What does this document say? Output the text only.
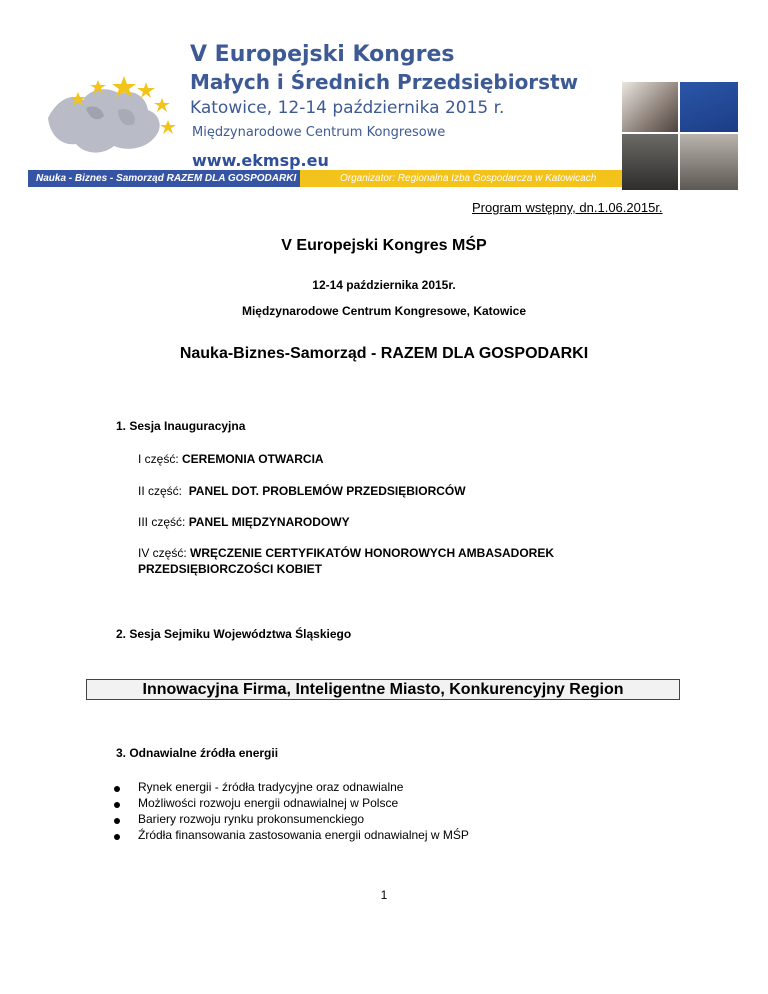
V Europejski Kongres
Małych i Średnich Przedsiębiorstw
Katowice, 12-14 października 2015 r.
Międzynarodowe Centrum Kongresowe
www.ekmsp.eu
Nauka - Biznes - Samorząd RAZEM DLA GOSPODARKI	Organizator: Regionalna Izba Gospodarcza w Katowicach
Program wstępny, dn.1.06.2015r.
V Europejski Kongres MŚP
12-14 października 2015r.
Międzynarodowe Centrum Kongresowe, Katowice
Nauka-Biznes-Samorząd - RAZEM DLA GOSPODARKI
1. Sesja Inauguracyjna
I część: CEREMONIA OTWARCIA
II część:  PANEL DOT. PROBLEMÓW PRZEDSIĘBIORCÓW
III część: PANEL MIĘDZYNARODOWY
IV część: WRĘCZENIE CERTYFIKATÓW HONOROWYCH AMBASADOREK
PRZEDSIĘBIORCZOŚCI KOBIET
2. Sesja Sejmiku Województwa Śląskiego
Innowacyjna Firma, Inteligentne Miasto, Konkurencyjny Region
3. Odnawialne źródła energii
Rynek energii - źródła tradycyjne oraz odnawialne
Możliwości rozwoju energii odnawialnej w Polsce
Bariery rozwoju rynku prokonsumenckiego
Źródła finansowania zastosowania energii odnawialnej w MŚP
1
